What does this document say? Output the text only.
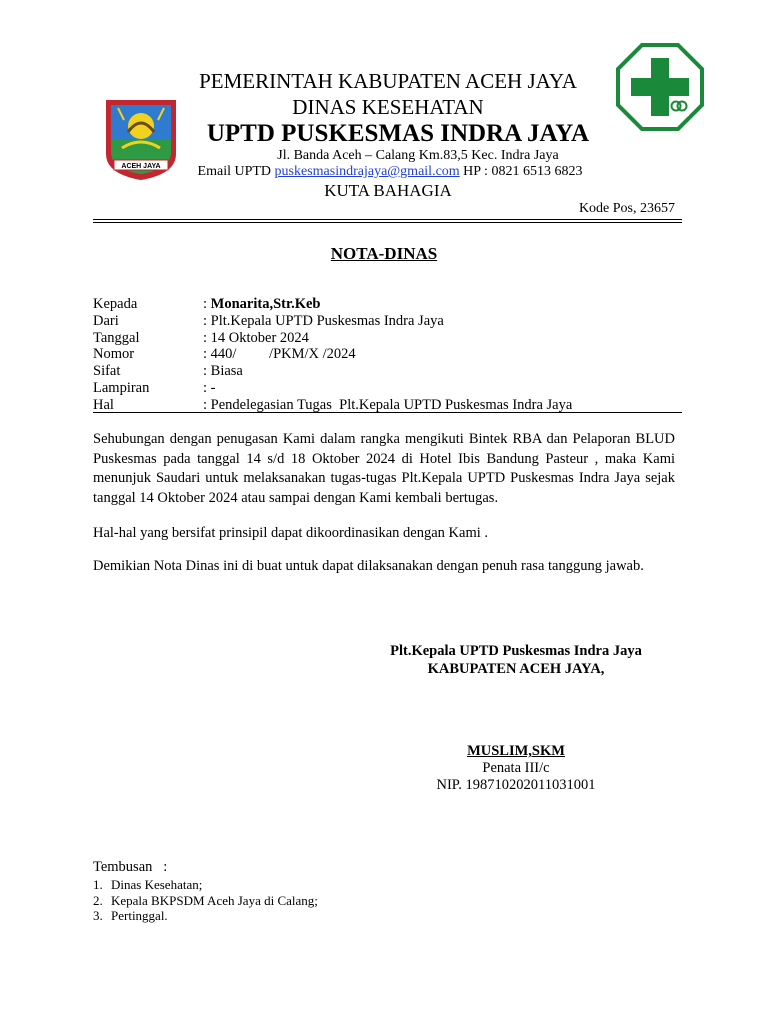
ACEH JAYA
PEMERINTAH KABUPATEN ACEH JAYA
DINAS KESEHATAN
UPTD PUSKESMAS INDRA JAYA
Jl. Banda Aceh – Calang Km.83,5 Kec. Indra Jaya
Email UPTD puskesmasindrajaya@gmail.com HP : 0821 6513 6823
KUTA BAHAGIA
Kode Pos, 23657
NOTA-DINAS
Kepada	: Monarita,Str.Keb
Dari	: Plt.Kepala UPTD Puskesmas Indra Jaya
Tanggal	: 14 Oktober 2024
Nomor	: 440/         /PKM/X /2024
Sifat	: Biasa
Lampiran	: -
Hal	: Pendelegasian Tugas  Plt.Kepala UPTD Puskesmas Indra Jaya
Sehubungan dengan penugasan Kami dalam rangka mengikuti Bintek RBA dan Pelaporan BLUD Puskesmas pada tanggal 14 s/d 18 Oktober 2024 di Hotel Ibis Bandung Pasteur , maka Kami menunjuk Saudari untuk melaksanakan tugas-tugas Plt.Kepala UPTD Puskesmas Indra Jaya sejak tanggal 14 Oktober 2024 atau sampai dengan Kami kembali bertugas.
Hal-hal yang bersifat prinsipil dapat dikoordinasikan dengan Kami .
Demikian Nota Dinas ini di buat untuk dapat dilaksanakan dengan penuh rasa tanggung jawab.
Plt.Kepala UPTD Puskesmas Indra Jaya
KABUPATEN ACEH JAYA,
MUSLIM,SKM
Penata III/c
NIP. 198710202011031001
Tembusan   :
1. Dinas Kesehatan;
2. Kepala BKPSDM Aceh Jaya di Calang;
3. Pertinggal.
